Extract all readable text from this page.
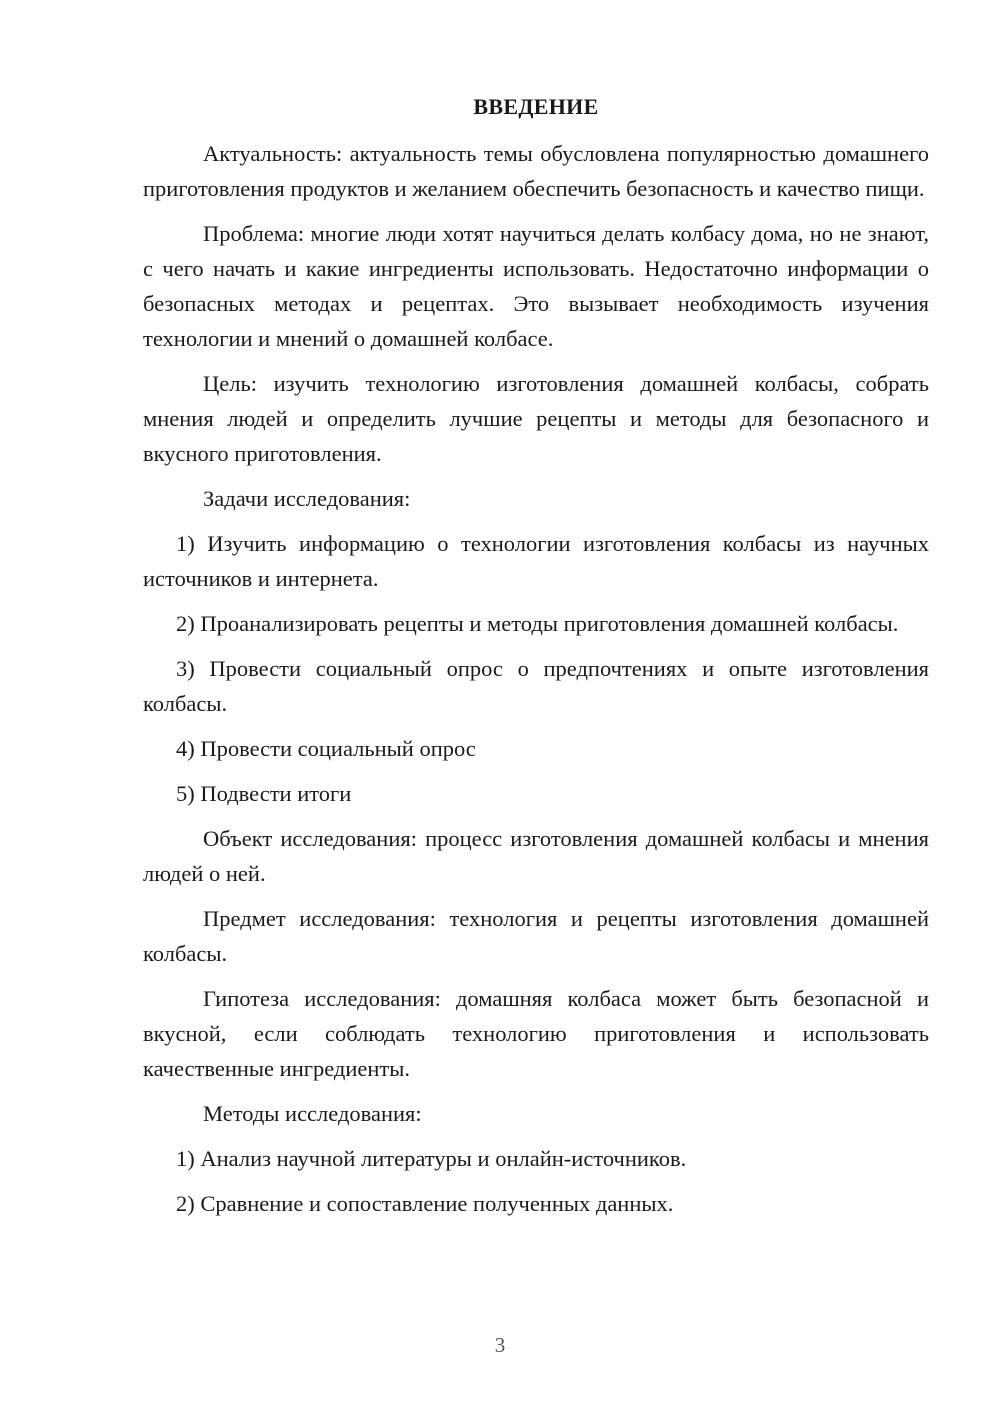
ВВЕДЕНИЕ

Актуальность: актуальность темы обусловлена популярностью домашнего приготовления продуктов и желанием обеспечить безопасность и качество пищи.

Проблема: многие люди хотят научиться делать колбасу дома, но не знают, с чего начать и какие ингредиенты использовать. Недостаточно информации о безопасных методах и рецептах. Это вызывает необходимость изучения технологии и мнений о домашней колбасе.

Цель: изучить технологию изготовления домашней колбасы, собрать мнения людей и определить лучшие рецепты и методы для безопасного и вкусного приготовления.

Задачи исследования:

1) Изучить информацию о технологии изготовления колбасы из научных источников и интернета.

2) Проанализировать рецепты и методы приготовления домашней колбасы.

3) Провести социальный опрос о предпочтениях и опыте изготовления колбасы.

4) Провести социальный опрос

5) Подвести итоги

Объект исследования: процесс изготовления домашней колбасы и мнения людей о ней.

Предмет исследования: технология и рецепты изготовления домашней колбасы.

Гипотеза исследования: домашняя колбаса может быть безопасной и вкусной, если соблюдать технологию приготовления и использовать качественные ингредиенты.

Методы исследования:

1) Анализ научной литературы и онлайн-источников.

2) Сравнение и сопоставление полученных данных.

3
